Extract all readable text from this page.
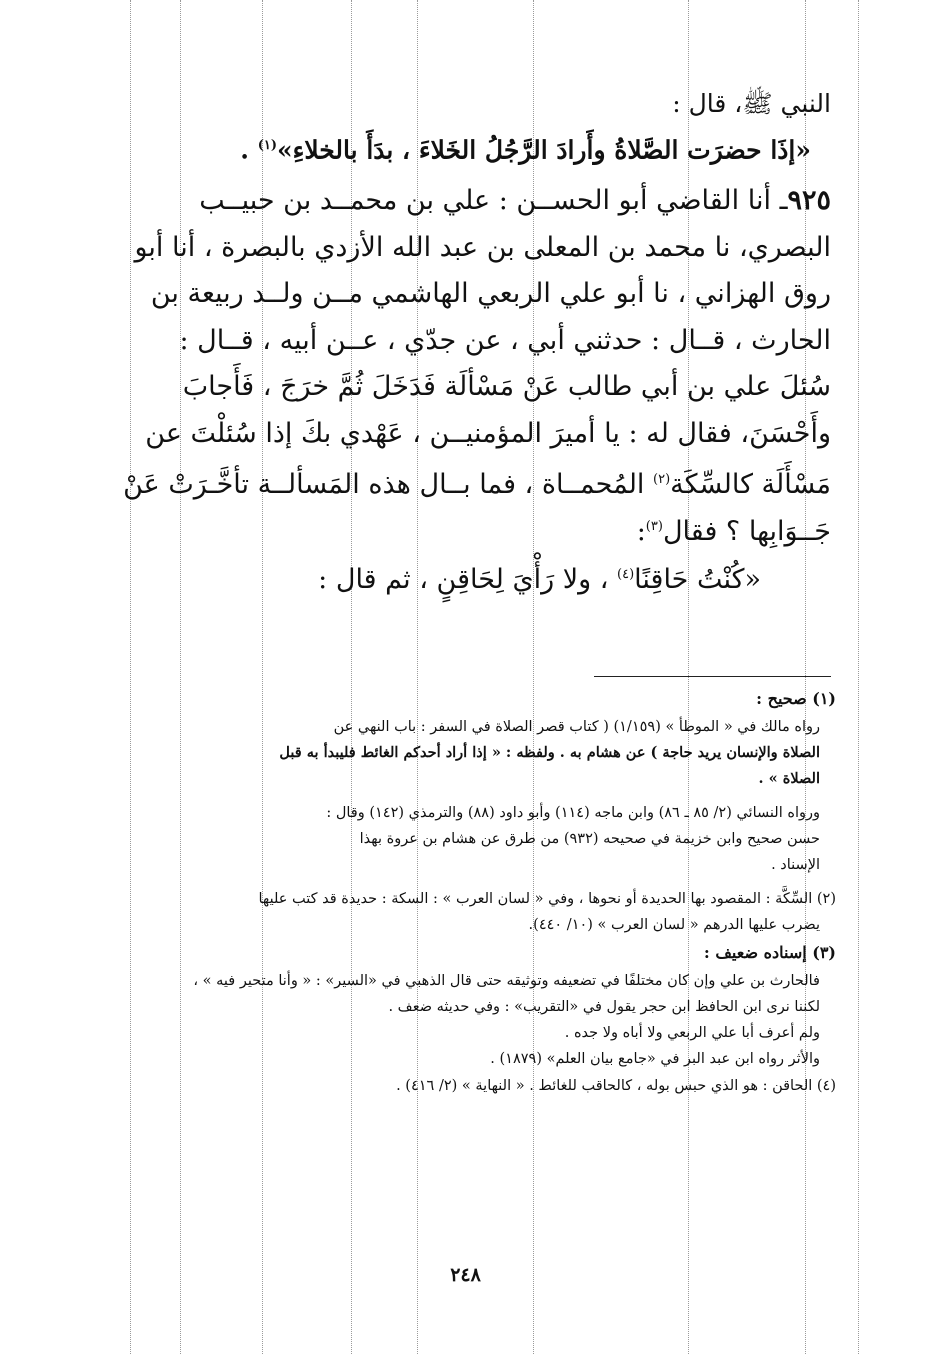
النبي ﷺ، قال :
«إذَا حضرَت الصَّلاةُ وأَرادَ الرَّجُلُ الخَلاءَ ، بدَأَ بالخلاءِ»$^{(١)}$ .
٩٢٥ـ أنا القاضي أبو الحســن : علي بن محمــد بن حبيــب
البصري، نا محمد بن المعلى بن عبد الله الأزدي بالبصرة ، أنا أبو
روق الهزاني ، نا أبو علي الربعي الهاشمي مــن ولــد ربيعة بن
الحارث ، قــال : حدثني أبي ، عن جدّي ، عــن أبيه ، قــال :
سُئلَ علي بن أبي طالب عَنْ مَسْألَة فَدَخَلَ ثُمَّ خرَجَ ، فَأَجابَ
وأَحْسَنَ، فقال له : يا أميرَ المؤمنيــن ، عَهْدي بكَ إذا سُئلْتَ عن
مَسْأَلَة كالسِّكَة$^{(٢)}$ المُحمــاة ، فما بــال هذه المَسألــة تأخَّـرَتْ عَنْ
جَــوَابِها ؟ فقال$^{(٣)}$:
«كُنْتُ حَاقِنًا$^{(٤)}$ ، ولا رَأْيَ لِحَاقِنٍ ، ثم قال :
(١) صحيح :
رواه مالك في « الموطأ » (١/١٥٩) ( كتاب قصر الصلاة في السفر : باب النهي عن
الصلاة والإنسان يريد حاجة ) عن هشام به . ولفظه : « إذا أراد أحدكم الغائط فليبدأ به قبل
الصلاة » .
ورواه النسائي (٢/ ٨٥ ـ ٨٦) وابن ماجه (١١٤) وأبو داود (٨٨) والترمذي (١٤٢) وقال :
حسن صحيح وابن خزيمة في صحيحه (٩٣٢) من طرق عن هشام بن عروة بهذا
الإسناد .
(٢) السِّكَّة : المقصود بها الحديدة أو نحوها ، وفي « لسان العرب » : السكة : حديدة قد كتب عليها
يضرب عليها الدرهم « لسان العرب » (١٠/ ٤٤٠).
(٣) إسناده ضعيف :
فالحارث بن علي وإن كان مختلفًا في تضعيفه وتوثيقه حتى قال الذهبي في «السير» : « وأنا متحير فيه » ،
لكننا نرى ابن الحافظ ابن حجر يقول في «التقريب» : وفي حديثه ضعف .
ولم أعرف أبا علي الربعي ولا أباه ولا جده .
والأثر رواه ابن عبد البر في «جامع بيان العلم» (١٨٧٩) .
(٤) الحاقن : هو الذي حبس بوله ، كالحاقب للغائط . « النهاية » (٢/ ٤١٦) .
٢٤٨
